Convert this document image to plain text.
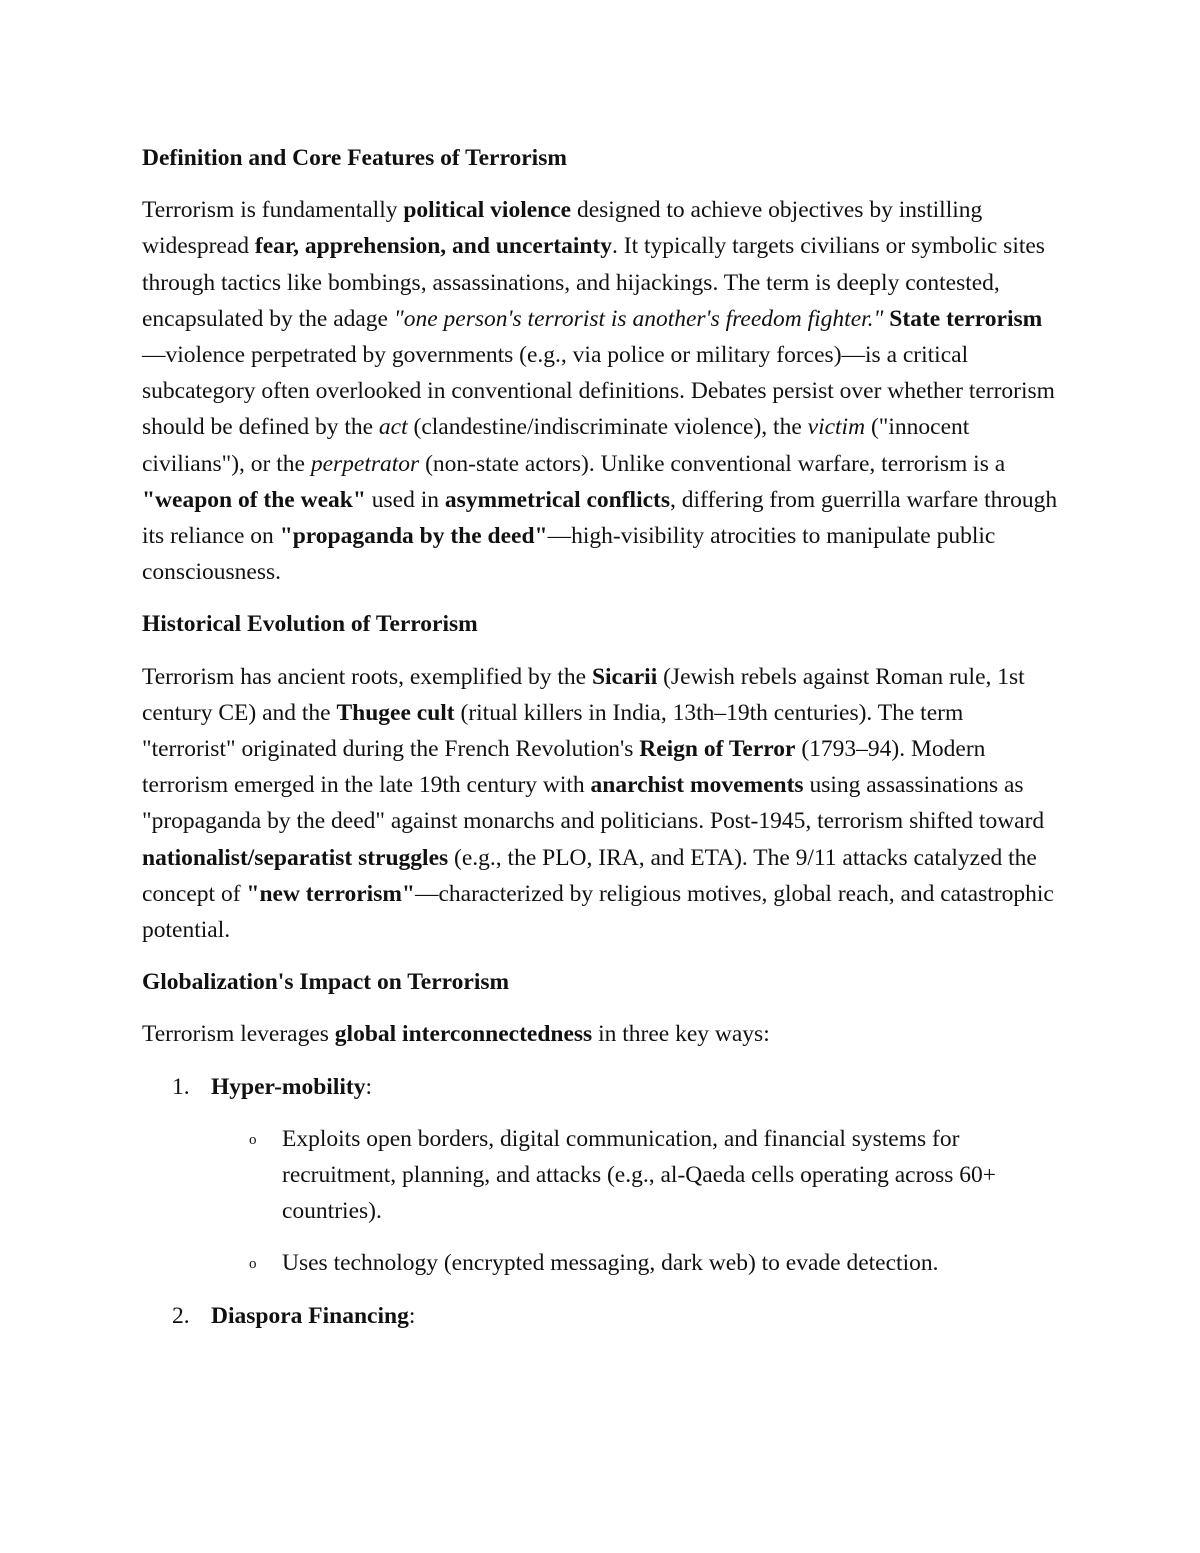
Definition and Core Features of Terrorism

Terrorism is fundamentally political violence designed to achieve objectives by instilling widespread fear, apprehension, and uncertainty. It typically targets civilians or symbolic sites through tactics like bombings, assassinations, and hijackings. The term is deeply contested, encapsulated by the adage "one person's terrorist is another's freedom fighter." State terrorism—violence perpetrated by governments (e.g., via police or military forces)—is a critical subcategory often overlooked in conventional definitions. Debates persist over whether terrorism should be defined by the act (clandestine/indiscriminate violence), the victim ("innocent civilians"), or the perpetrator (non-state actors). Unlike conventional warfare, terrorism is a "weapon of the weak" used in asymmetrical conflicts, differing from guerrilla warfare through its reliance on "propaganda by the deed"—high-visibility atrocities to manipulate public consciousness.

Historical Evolution of Terrorism

Terrorism has ancient roots, exemplified by the Sicarii (Jewish rebels against Roman rule, 1st century CE) and the Thugee cult (ritual killers in India, 13th–19th centuries). The term "terrorist" originated during the French Revolution's Reign of Terror (1793–94). Modern terrorism emerged in the late 19th century with anarchist movements using assassinations as "propaganda by the deed" against monarchs and politicians. Post-1945, terrorism shifted toward nationalist/separatist struggles (e.g., the PLO, IRA, and ETA). The 9/11 attacks catalyzed the concept of "new terrorism"—characterized by religious motives, global reach, and catastrophic potential.

Globalization's Impact on Terrorism

Terrorism leverages global interconnectedness in three key ways:

1. Hyper-mobility:
o Exploits open borders, digital communication, and financial systems for recruitment, planning, and attacks (e.g., al-Qaeda cells operating across 60+ countries).
o Uses technology (encrypted messaging, dark web) to evade detection.
2. Diaspora Financing:
